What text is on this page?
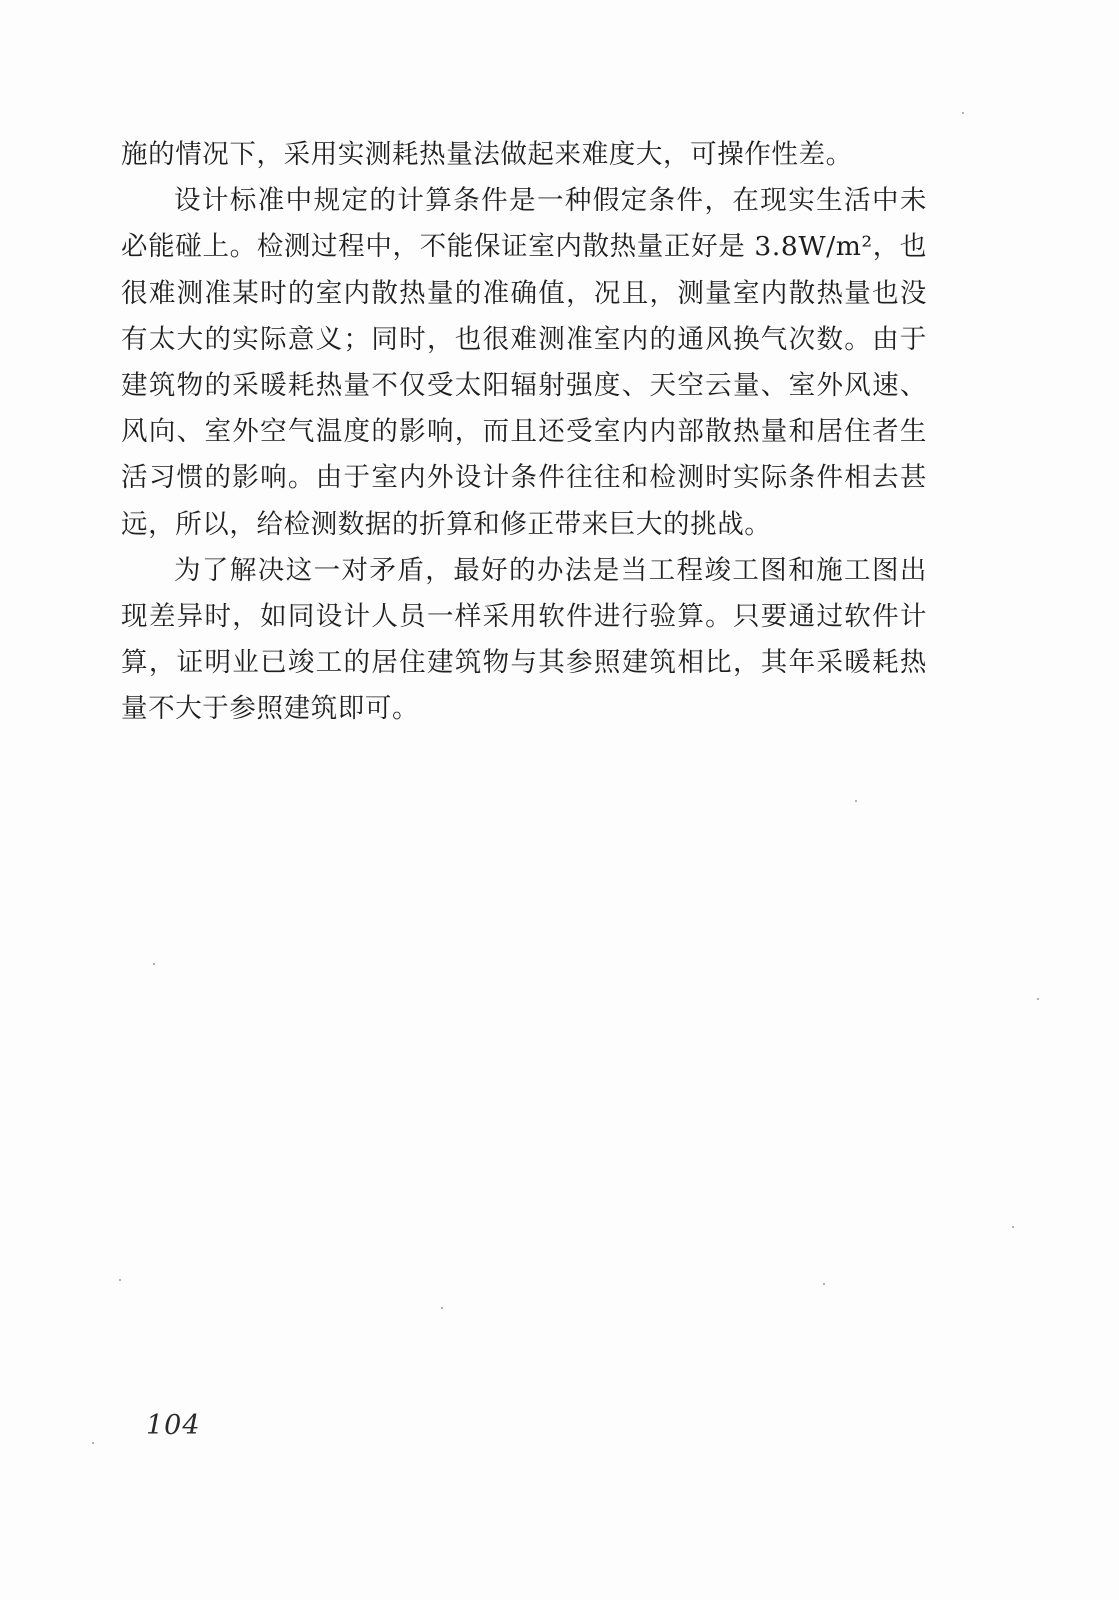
施的情况下，采用实测耗热量法做起来难度大，可操作性差。

设计标准中规定的计算条件是一种假定条件，在现实生活中未必能碰上。检测过程中，不能保证室内散热量正好是 3.8W/m²，也很难测准某时的室内散热量的准确值，况且，测量室内散热量也没有太大的实际意义；同时，也很难测准室内的通风换气次数。由于建筑物的采暖耗热量不仅受太阳辐射强度、天空云量、室外风速、风向、室外空气温度的影响，而且还受室内内部散热量和居住者生活习惯的影响。由于室内外设计条件往往和检测时实际条件相去甚远，所以，给检测数据的折算和修正带来巨大的挑战。

为了解决这一对矛盾，最好的办法是当工程竣工图和施工图出现差异时，如同设计人员一样采用软件进行验算。只要通过软件计算，证明业已竣工的居住建筑物与其参照建筑相比，其年采暖耗热量不大于参照建筑即可。

104
